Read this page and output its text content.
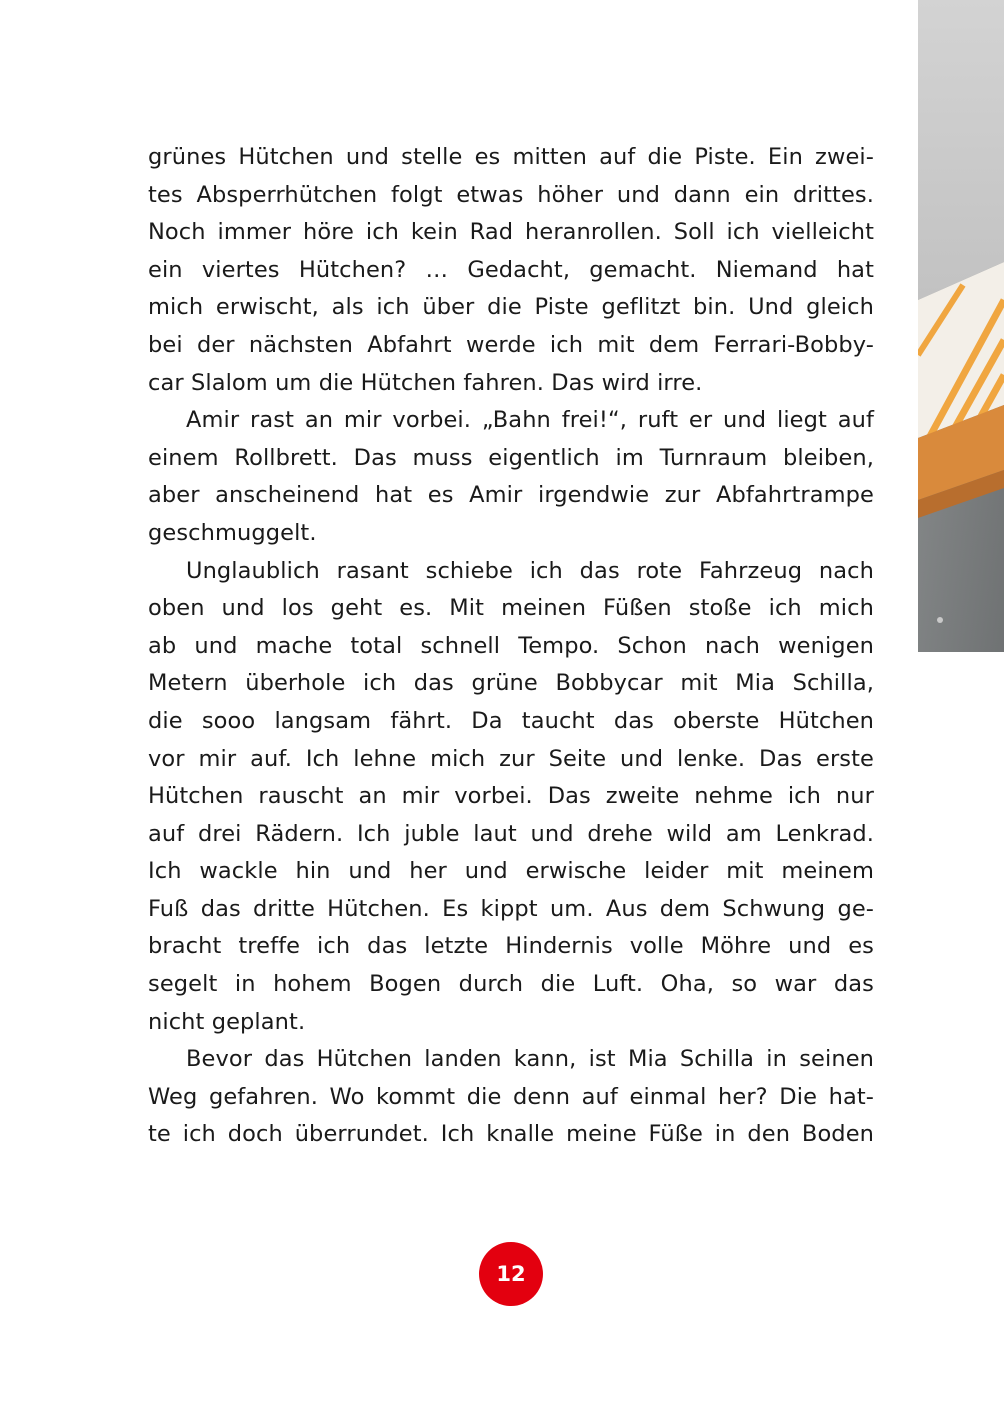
grünes Hütchen und stelle es mitten auf die Piste. Ein zwei-
tes Absperrhütchen folgt etwas höher und dann ein drittes.
Noch immer höre ich kein Rad heranrollen. Soll ich vielleicht
ein viertes Hütchen? … Gedacht, gemacht. Niemand hat
mich erwischt, als ich über die Piste geflitzt bin. Und gleich
bei der nächsten Abfahrt werde ich mit dem Ferrari-Bobby-
car Slalom um die Hütchen fahren. Das wird irre.
Amir rast an mir vorbei. „Bahn frei!“, ruft er und liegt auf
einem Rollbrett. Das muss eigentlich im Turnraum bleiben,
aber anscheinend hat es Amir irgendwie zur Abfahrtrampe
geschmuggelt.
Unglaublich rasant schiebe ich das rote Fahrzeug nach
oben und los geht es. Mit meinen Füßen stoße ich mich
ab und mache total schnell Tempo. Schon nach wenigen
Metern überhole ich das grüne Bobbycar mit Mia Schilla,
die sooo langsam fährt. Da taucht das oberste Hütchen
vor mir auf. Ich lehne mich zur Seite und lenke. Das erste
Hütchen rauscht an mir vorbei. Das zweite nehme ich nur
auf drei Rädern. Ich juble laut und drehe wild am Lenkrad.
Ich wackle hin und her und erwische leider mit meinem
Fuß das dritte Hütchen. Es kippt um. Aus dem Schwung ge-
bracht treffe ich das letzte Hindernis volle Möhre und es
segelt in hohem Bogen durch die Luft. Oha, so war das
nicht geplant.
Bevor das Hütchen landen kann, ist Mia Schilla in seinen
Weg gefahren. Wo kommt die denn auf einmal her? Die hat-
te ich doch überrundet. Ich knalle meine Füße in den Boden
12
